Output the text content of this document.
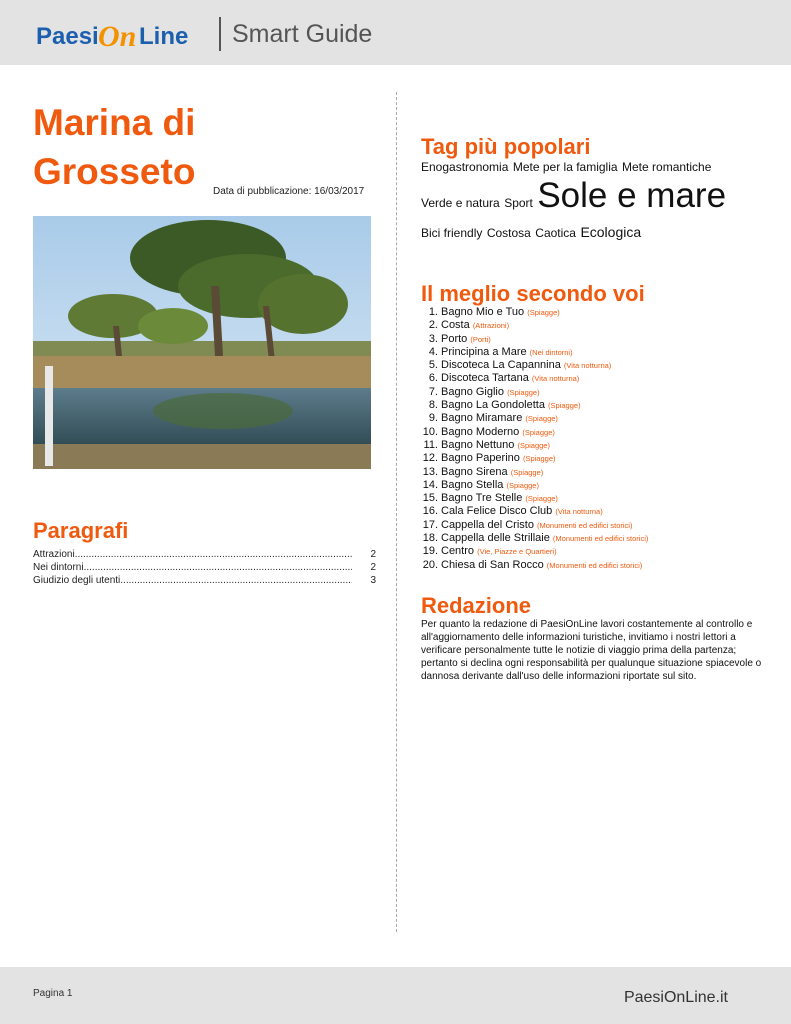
Paesi On Line Smart Guide
Marina di
Grosseto	Data di pubblicazione: 16/03/2017
Paragrafi
Attrazioni .....	2
Nei dintorni .....	2
Giudizio degli utenti .....	3
Tag più popolari
Enogastronomia Mete per la famiglia Mete romantiche
Verde e natura Sport Sole e mare
Bici friendly Costosa Caotica Ecologica
Il meglio secondo voi
1. Bagno Mio e Tuo (Spiagge)
2. Costa (Attrazioni)
3. Porto (Porti)
4. Principina a Mare (Nei dintorni)
5. Discoteca La Capannina (Vita notturna)
6. Discoteca Tartana (Vita notturna)
7. Bagno Giglio (Spiagge)
8. Bagno La Gondoletta (Spiagge)
9. Bagno Miramare (Spiagge)
10. Bagno Moderno (Spiagge)
11. Bagno Nettuno (Spiagge)
12. Bagno Paperino (Spiagge)
13. Bagno Sirena (Spiagge)
14. Bagno Stella (Spiagge)
15. Bagno Tre Stelle (Spiagge)
16. Cala Felice Disco Club (Vita notturna)
17. Cappella del Cristo (Monumenti ed edifici storici)
18. Cappella delle Strillaie (Monumenti ed edifici storici)
19. Centro (Vie, Piazze e Quartieri)
20. Chiesa di San Rocco (Monumenti ed edifici storici)
Redazione
Per quanto la redazione di PaesiOnLine lavori costantemente al controllo e all'aggiornamento delle informazioni turistiche, invitiamo i nostri lettori a verificare personalmente tutte le notizie di viaggio prima della partenza; pertanto si declina ogni responsabilità per qualunque situazione spiacevole o dannosa derivante dall'uso delle informazioni riportate sul sito.
Pagina 1	PaesiOnLine.it
